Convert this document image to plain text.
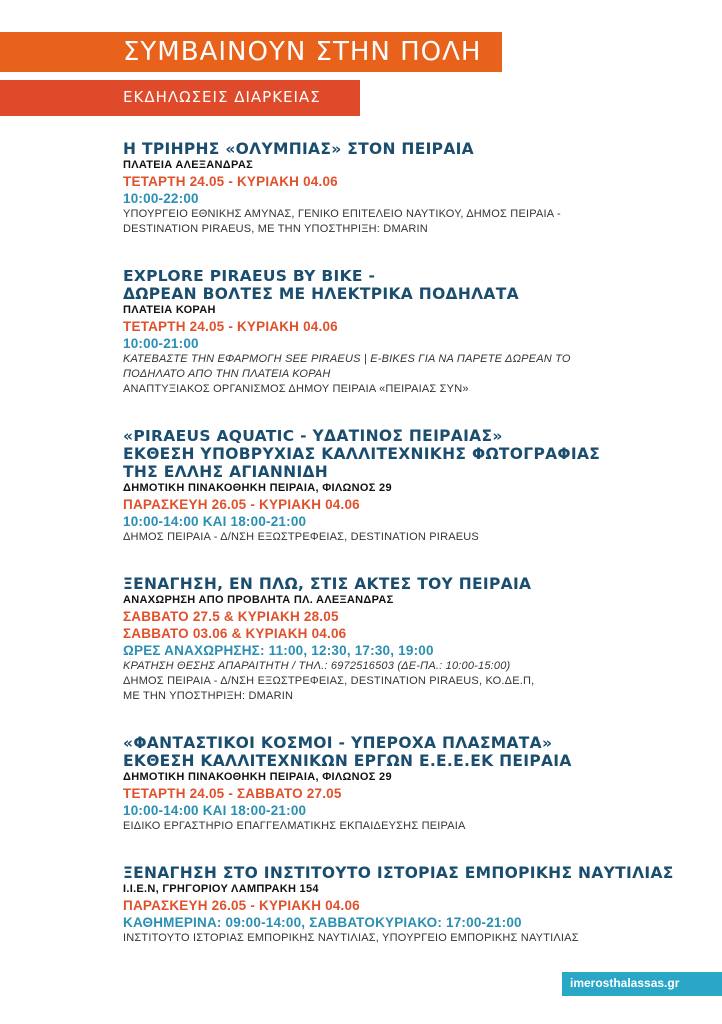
ΣΥΜΒΑΙΝΟΥΝ ΣΤΗΝ ΠΟΛΗ
ΕΚΔΗΛΩΣΕΙΣ ΔΙΑΡΚΕΙΑΣ
Η ΤΡΙΗΡΗΣ «ΟΛΥΜΠΙΑΣ» ΣΤΟΝ ΠΕΙΡΑΙΑ
ΠΛΑΤΕΙΑ ΑΛΕΞΑΝΔΡΑΣ
ΤΕΤΑΡΤΗ 24.05 - ΚΥΡΙΑΚΗ 04.06
10:00-22:00
ΥΠΟΥΡΓΕΙΟ ΕΘΝΙΚΗΣ ΑΜΥΝΑΣ, ΓΕΝΙΚΟ ΕΠΙΤΕΛΕΙΟ ΝΑΥΤΙΚΟΥ, ΔΗΜΟΣ ΠΕΙΡΑΙΑ -
DESTINATION PIRAEUS, ΜΕ ΤΗΝ ΥΠΟΣΤΗΡΙΞΗ: DMARIN
EXPLORE PIRAEUS BY BIKE -
ΔΩΡΕΑΝ ΒΟΛΤΕΣ ΜΕ ΗΛΕΚΤΡΙΚΑ ΠΟΔΗΛΑΤΑ
ΠΛΑΤΕΙΑ ΚΟΡΑΗ
ΤΕΤΑΡΤΗ 24.05 - ΚΥΡΙΑΚΗ 04.06
10:00-21:00
ΚΑΤΕΒΑΣΤΕ ΤΗΝ ΕΦΑΡΜΟΓΗ SEE PIRAEUS | E-BIKES ΓΙΑ ΝΑ ΠΑΡΕΤΕ ΔΩΡΕΑΝ ΤΟ
ΠΟΔΗΛΑΤΟ ΑΠΟ ΤΗΝ ΠΛΑΤΕΙΑ ΚΟΡΑΗ
ΑΝΑΠΤΥΞΙΑΚΟΣ ΟΡΓΑΝΙΣΜΟΣ ΔΗΜΟΥ ΠΕΙΡΑΙΑ «ΠΕΙΡΑΙΑΣ ΣΥΝ»
«PIRAEUS AQUATIC - ΥΔΑΤΙΝΟΣ ΠΕΙΡΑΙΑΣ»
ΕΚΘΕΣΗ ΥΠΟΒΡΥΧΙΑΣ ΚΑΛΛΙΤΕΧΝΙΚΗΣ ΦΩΤΟΓΡΑΦΙΑΣ
ΤΗΣ ΕΛΛΗΣ ΑΓΙΑΝΝΙΔΗ
ΔΗΜΟΤΙΚΗ ΠΙΝΑΚΟΘΗΚΗ ΠΕΙΡΑΙΑ, ΦΙΛΩΝΟΣ 29
ΠΑΡΑΣΚΕΥΗ 26.05 - ΚΥΡΙΑΚΗ 04.06
10:00-14:00 ΚΑΙ 18:00-21:00
ΔΗΜΟΣ ΠΕΙΡΑΙΑ - Δ/ΝΣΗ ΕΞΩΣΤΡΕΦΕΙΑΣ, DESTINATION PIRAEUS
ΞΕΝΑΓΗΣΗ, ΕΝ ΠΛΩ, ΣΤΙΣ ΑΚΤΕΣ ΤΟΥ ΠΕΙΡΑΙΑ
ΑΝΑΧΩΡΗΣΗ ΑΠΟ ΠΡΟΒΛΗΤΑ ΠΛ. ΑΛΕΞΑΝΔΡΑΣ
ΣΑΒΒΑΤΟ 27.5 & ΚΥΡΙΑΚΗ 28.05
ΣΑΒΒΑΤΟ 03.06 & ΚΥΡΙΑΚΗ 04.06
ΩΡΕΣ ΑΝΑΧΩΡΗΣΗΣ: 11:00, 12:30, 17:30, 19:00
ΚΡΑΤΗΣΗ ΘΕΣΗΣ ΑΠΑΡΑΙΤΗΤΗ / ΤΗΛ.: 6972516503 (ΔΕ-ΠΑ.: 10:00-15:00)
ΔΗΜΟΣ ΠΕΙΡΑΙΑ - Δ/ΝΣΗ ΕΞΩΣΤΡΕΦΕΙΑΣ, DESTINATION PIRAEUS, ΚΟ.ΔΕ.Π,
ΜΕ ΤΗΝ ΥΠΟΣΤΗΡΙΞΗ: DMARIN
«ΦΑΝΤΑΣΤΙΚΟΙ ΚΟΣΜΟΙ - ΥΠΕΡΟΧΑ ΠΛΑΣΜΑΤΑ»
ΕΚΘΕΣΗ ΚΑΛΛΙΤΕΧΝΙΚΩΝ ΕΡΓΩΝ Ε.Ε.Ε.ΕΚ ΠΕΙΡΑΙΑ
ΔΗΜΟΤΙΚΗ ΠΙΝΑΚΟΘΗΚΗ ΠΕΙΡΑΙΑ, ΦΙΛΩΝΟΣ 29
ΤΕΤΑΡΤΗ 24.05 - ΣΑΒΒΑΤΟ 27.05
10:00-14:00 ΚΑΙ 18:00-21:00
ΕΙΔΙΚΟ ΕΡΓΑΣΤΗΡΙΟ ΕΠΑΓΓΕΛΜΑΤΙΚΗΣ ΕΚΠΑΙΔΕΥΣΗΣ ΠΕΙΡΑΙΑ
ΞΕΝΑΓΗΣΗ ΣΤΟ ΙΝΣΤΙΤΟΥΤΟ ΙΣΤΟΡΙΑΣ ΕΜΠΟΡΙΚΗΣ ΝΑΥΤΙΛΙΑΣ
Ι.Ι.Ε.Ν, ΓΡΗΓΟΡΙΟΥ ΛΑΜΠΡΑΚΗ 154
ΠΑΡΑΣΚΕΥΗ 26.05 - ΚΥΡΙΑΚΗ 04.06
ΚΑΘΗΜΕΡΙΝΑ: 09:00-14:00, ΣΑΒΒΑΤΟΚΥΡΙΑΚΟ: 17:00-21:00
ΙΝΣΤΙΤΟΥΤΟ ΙΣΤΟΡΙΑΣ ΕΜΠΟΡΙΚΗΣ ΝΑΥΤΙΛΙΑΣ, ΥΠΟΥΡΓΕΙΟ ΕΜΠΟΡΙΚΗΣ ΝΑΥΤΙΛΙΑΣ
imerosthalassas.gr
